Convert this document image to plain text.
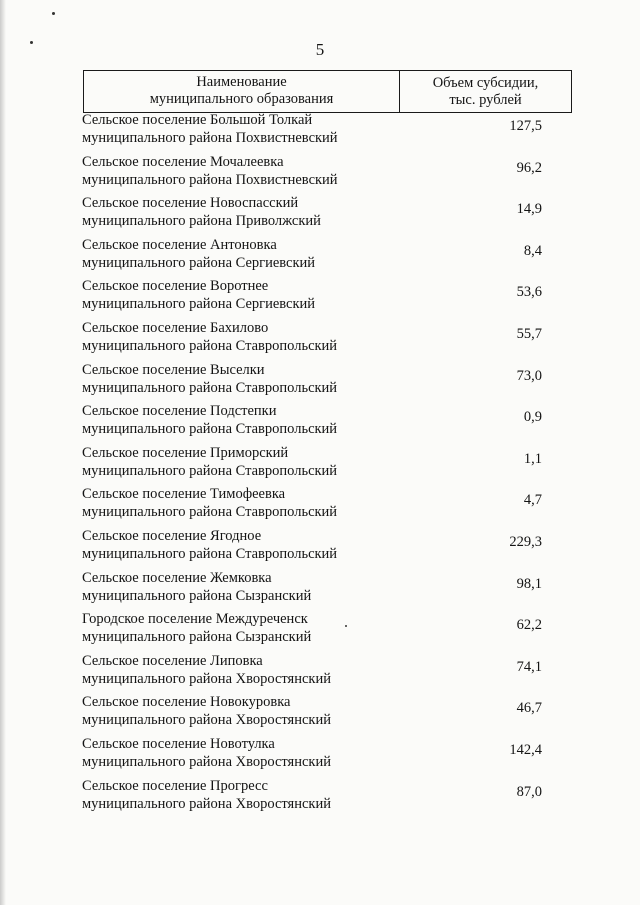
5
Наименование
муниципального образования
Объем субсидии,
тыс. рублей
Сельское поселение Большой Толкай
муниципального района Похвистневский
127,5
Сельское поселение Мочалеевка
муниципального района Похвистневский
96,2
Сельское поселение Новоспасский
муниципального района Приволжский
14,9
Сельское поселение Антоновка
муниципального района Сергиевский
8,4
Сельское поселение Воротнее
муниципального района Сергиевский
53,6
Сельское поселение Бахилово
муниципального района Ставропольский
55,7
Сельское поселение Выселки
муниципального района Ставропольский
73,0
Сельское поселение Подстепки
муниципального района Ставропольский
0,9
Сельское поселение Приморский
муниципального района Ставропольский
1,1
Сельское поселение Тимофеевка
муниципального района Ставропольский
4,7
Сельское поселение Ягодное
муниципального района Ставропольский
229,3
Сельское поселение Жемковка
муниципального района Сызранский
98,1
Городское поселение Междуреченск
муниципального района Сызранский
62,2
Сельское поселение Липовка
муниципального района Хворостянский
74,1
Сельское поселение Новокуровка
муниципального района Хворостянский
46,7
Сельское поселение Новотулка
муниципального района Хворостянский
142,4
Сельское поселение Прогресс
муниципального района Хворостянский
87,0
